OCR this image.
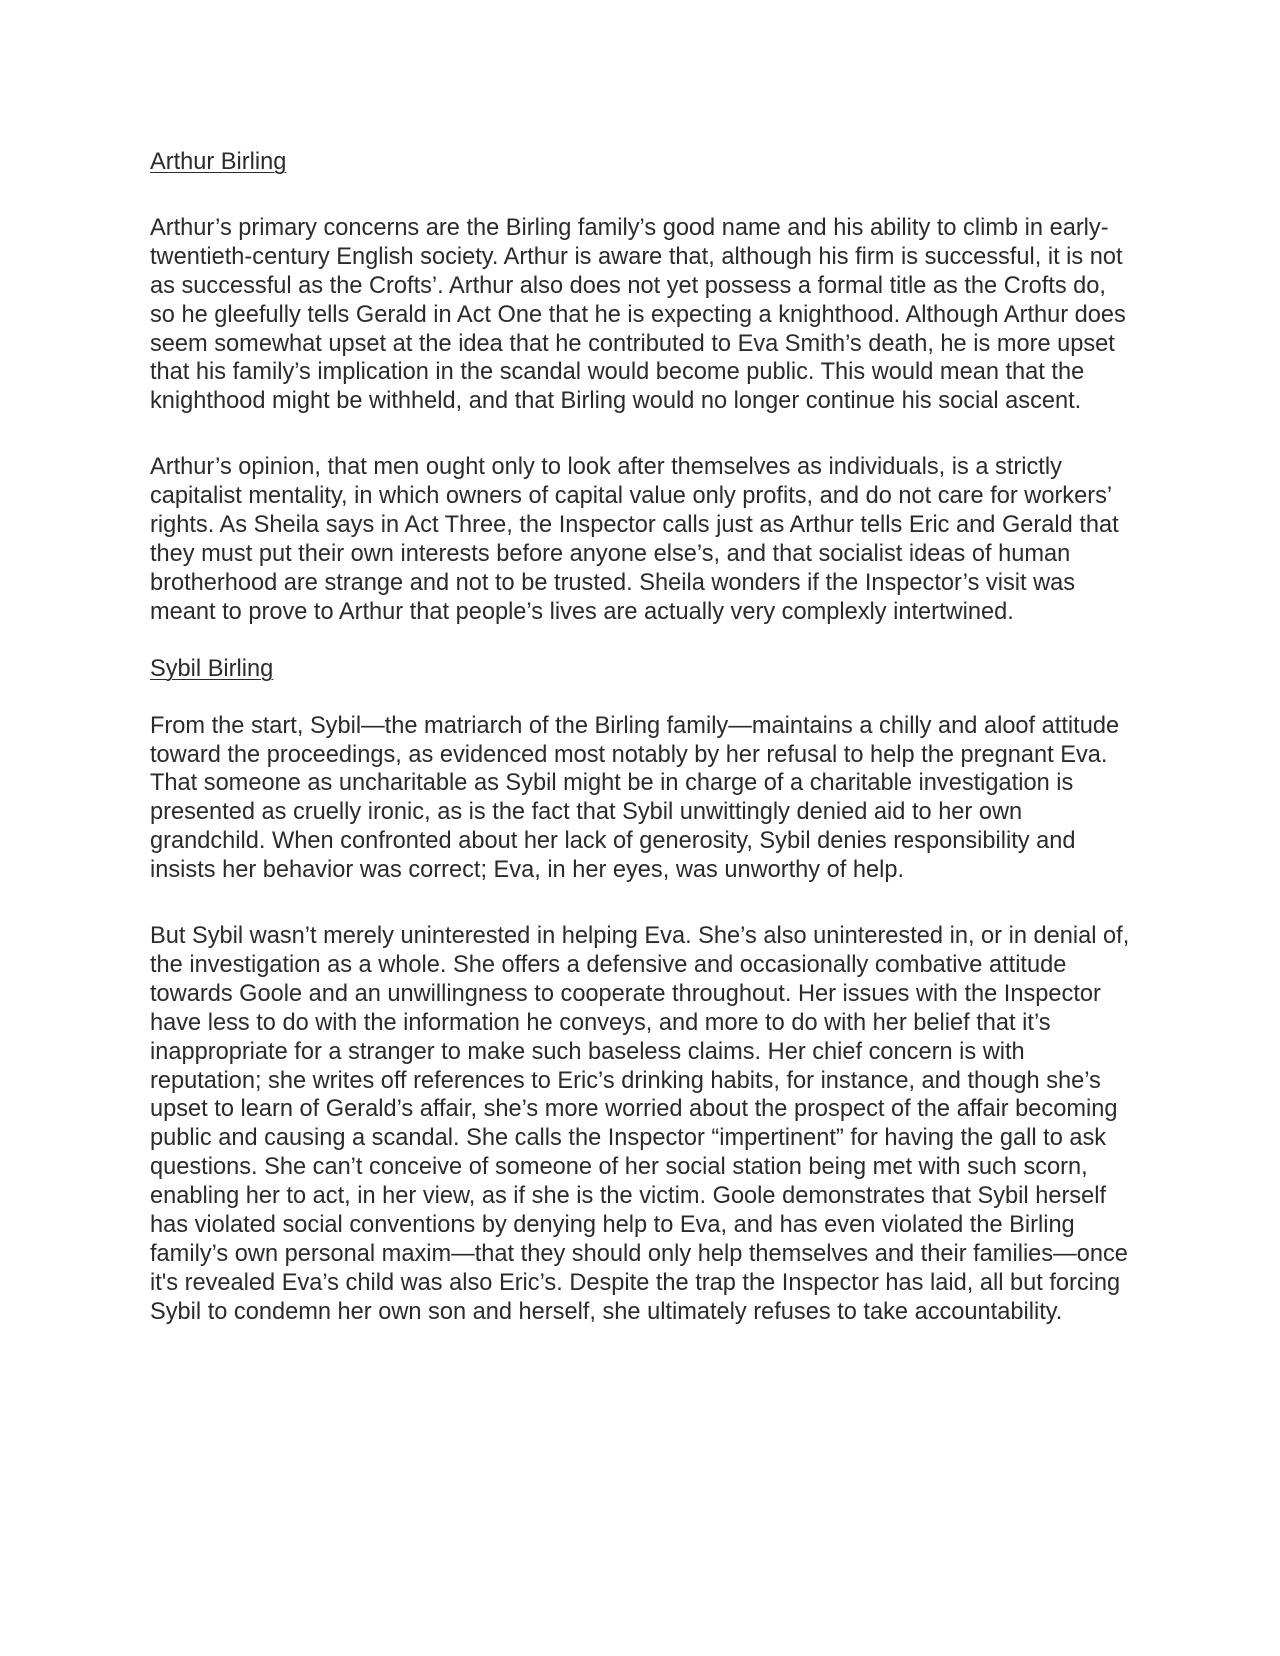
Arthur Birling

Arthur’s primary concerns are the Birling family’s good name and his ability to climb in early-twentieth-century English society. Arthur is aware that, although his firm is successful, it is not as successful as the Crofts’. Arthur also does not yet possess a formal title as the Crofts do, so he gleefully tells Gerald in Act One that he is expecting a knighthood. Although Arthur does seem somewhat upset at the idea that he contributed to Eva Smith’s death, he is more upset that his family’s implication in the scandal would become public. This would mean that the knighthood might be withheld, and that Birling would no longer continue his social ascent.

Arthur’s opinion, that men ought only to look after themselves as individuals, is a strictly capitalist mentality, in which owners of capital value only profits, and do not care for workers’ rights. As Sheila says in Act Three, the Inspector calls just as Arthur tells Eric and Gerald that they must put their own interests before anyone else’s, and that socialist ideas of human brotherhood are strange and not to be trusted. Sheila wonders if the Inspector’s visit was meant to prove to Arthur that people’s lives are actually very complexly intertwined.

Sybil Birling

From the start, Sybil—the matriarch of the Birling family—maintains a chilly and aloof attitude toward the proceedings, as evidenced most notably by her refusal to help the pregnant Eva. That someone as uncharitable as Sybil might be in charge of a charitable investigation is presented as cruelly ironic, as is the fact that Sybil unwittingly denied aid to her own grandchild. When confronted about her lack of generosity, Sybil denies responsibility and insists her behavior was correct; Eva, in her eyes, was unworthy of help.

But Sybil wasn’t merely uninterested in helping Eva. She’s also uninterested in, or in denial of, the investigation as a whole. She offers a defensive and occasionally combative attitude towards Goole and an unwillingness to cooperate throughout. Her issues with the Inspector have less to do with the information he conveys, and more to do with her belief that it’s inappropriate for a stranger to make such baseless claims. Her chief concern is with reputation; she writes off references to Eric’s drinking habits, for instance, and though she’s upset to learn of Gerald’s affair, she’s more worried about the prospect of the affair becoming public and causing a scandal. She calls the Inspector “impertinent” for having the gall to ask questions. She can’t conceive of someone of her social station being met with such scorn, enabling her to act, in her view, as if she is the victim. Goole demonstrates that Sybil herself has violated social conventions by denying help to Eva, and has even violated the Birling family’s own personal maxim—that they should only help themselves and their families—once it's revealed Eva’s child was also Eric’s. Despite the trap the Inspector has laid, all but forcing Sybil to condemn her own son and herself, she ultimately refuses to take accountability.
